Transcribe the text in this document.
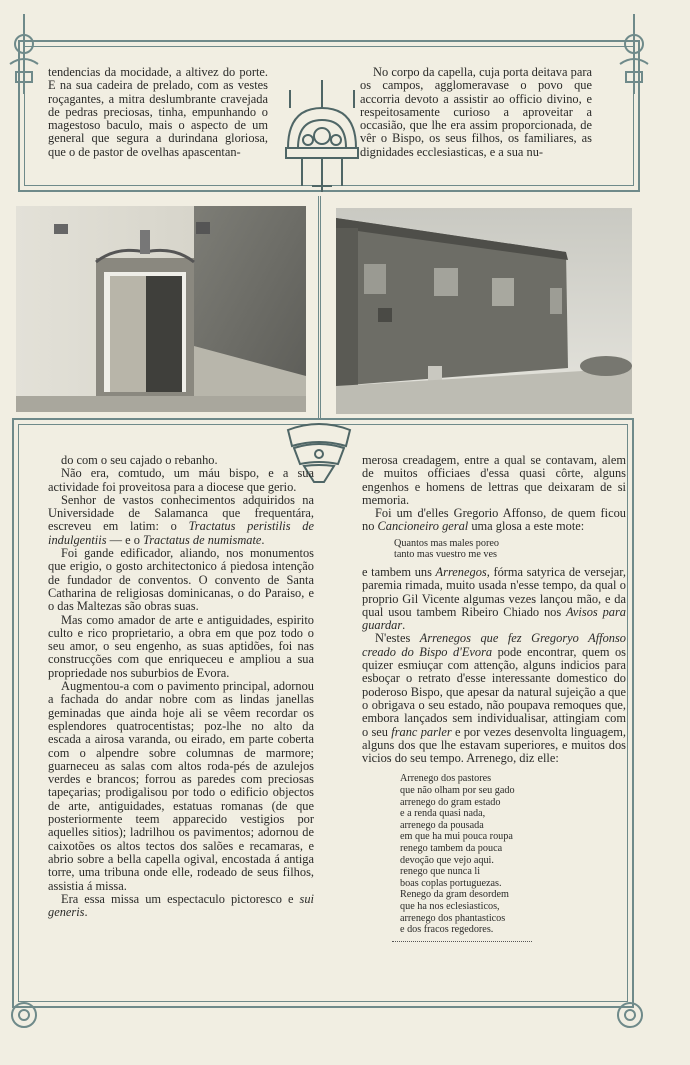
tendencias da mocidade, a altivez do porte. E na sua cadeira de prelado, com as vestes roçagantes, a mitra deslumbrante cravejada de pedras preciosas, tinha, empunhando o magestoso baculo, mais o aspecto de um general que segura a durindana gloriosa, que o de pastor de ovelhas apascentan-

No corpo da capella, cuja porta deitava para os campos, agglomeravase o povo que accorria devoto a assistir ao officio divino, e respeitosamente curioso a aproveitar a occasião, que lhe era assim proporcionada, de vêr o Bispo, os seus filhos, os familiares, as dignidades ecclesiasticas, e a sua nu-

do com o seu cajado o rebanho.

Não era, comtudo, um máu bispo, e a sua actividade foi proveitosa para a diocese que gerio.

Senhor de vastos conhecimentos adquiridos na Universidade de Salamanca que frequentára, escreveu em latim: o Tractatus peristilis de indulgentiis — e o Tractatus de numismate.

Foi gande edificador, aliando, nos monumentos que erigio, o gosto architectonico á piedosa intenção de fundador de conventos. O convento de Santa Catharina de religiosas dominicanas, o do Paraiso, e o das Maltezas são obras suas.

Mas como amador de arte e antiguidades, espirito culto e rico proprietario, a obra em que poz todo o seu amor, o seu engenho, as suas aptidões, foi nas construcções com que enriqueceu e ampliou a sua propriedade nos suburbios de Evora.

Augmentou-a com o pavimento principal, adornou a fachada do andar nobre com as lindas janellas geminadas que ainda hoje ali se vêem recordar os esplendores quatrocentistas; poz-lhe no alto da escada a airosa varanda, ou eirado, em parte coberta com o alpendre sobre columnas de marmore; guarneceu as salas com altos roda-pés de azulejos verdes e brancos; forrou as paredes com preciosas tapeçarias; prodigalisou por todo o edificio objectos de arte, antiguidades, estatuas romanas (de que posteriormente teem apparecido vestigios por aquelles sitios); ladrilhou os pavimentos; adornou de caixotões os altos tectos dos salões e recamaras, e abrio sobre a bella capella ogival, encostada á antiga torre, uma tribuna onde elle, rodeado de seus filhos, assistia á missa.

Era essa missa um espectaculo pictoresco e sui generis.

merosa creadagem, entre a qual se contavam, alem de muitos officiaes d'essa quasi côrte, alguns engenhos e homens de lettras que deixaram de si memoria.

Foi um d'elles Gregorio Affonso, de quem ficou no Cancioneiro geral uma glosa a este mote:

Quantos mas males poreo
tanto mas vuestro me ves

e tambem uns Arrenegos, fórma satyrica de versejar, paremia rimada, muito usada n'esse tempo, da qual o proprio Gil Vicente algumas vezes lançou mão, e da qual usou tambem Ribeiro Chiado nos Avisos para guardar.

N'estes Arrenegos que fez Gregoryo Affonso creado do Bispo d'Evora pode encontrar, quem os quizer esmiuçar com attenção, alguns indicios para esboçar o retrato d'esse interessante domestico do poderoso Bispo, que apesar da natural sujeição a que o obrigava o seu estado, não poupava remoques que, embora lançados sem individualisar, attingiam com o seu franc parler e por vezes desenvolta linguagem, alguns dos que lhe estavam superiores, e muitos dos vicios do seu tempo. Arrenego, diz elle:

Arrenego dos pastores
que não olham por seu gado
arrenego do gram estado
e a renda quasi nada,
arrenego da pousada
em que ha mui pouca roupa
renego tambem da pouca
devoção que vejo aqui.
renego que nunca li
boas coplas portuguezas.
Renego da gram desordem
que ha nos eclesiasticos,
arrenego dos phantasticos
e dos fracos regedores.
